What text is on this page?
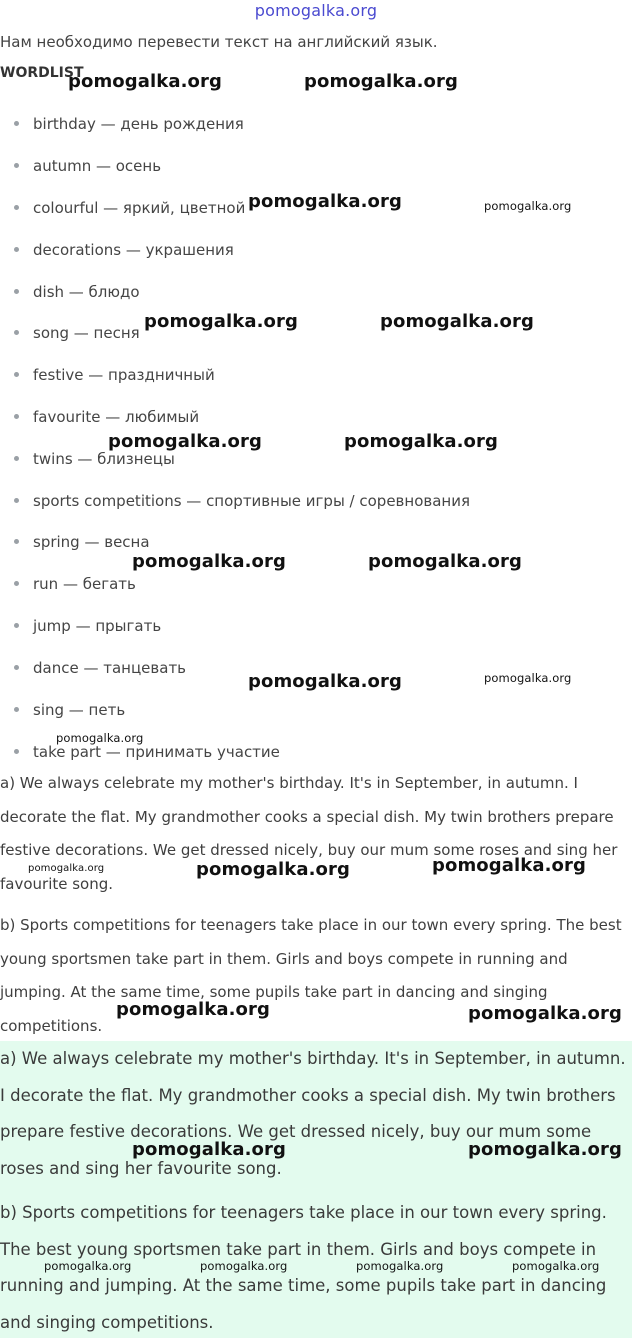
pomogalka.org
Нам необходимо перевести текст на английский язык.
WORDLIST
birthday — день рождения
autumn — осень
colourful — яркий, цветной
decorations — украшения
dish — блюдо
song — песня
festive — праздничный
favourite — любимый
twins — близнецы
sports competitions — спортивные игры / соревнования
spring — весна
run — бегать
jump — прыгать
dance — танцевать
sing — петь
take part — принимать участие

a) We always celebrate my mother's birthday. It's in September, in autumn. I decorate the flat. My grandmother cooks a special dish. My twin brothers prepare festive decorations. We get dressed nicely, buy our mum some roses and sing her favourite song.

b) Sports competitions for teenagers take place in our town every spring. The best young sportsmen take part in them. Girls and boys compete in running and jumping. At the same time, some pupils take part in dancing and singing competitions.

a) We always celebrate my mother's birthday. It's in September, in autumn. I decorate the flat. My grandmother cooks a special dish. My twin brothers prepare festive decorations. We get dressed nicely, buy our mum some roses and sing her favourite song.

b) Sports competitions for teenagers take place in our town every spring. The best young sportsmen take part in them. Girls and boys compete in running and jumping. At the same time, some pupils take part in dancing and singing competitions.

pomogalka.org	pomogalka.org
pomogalka.org	pomogalka.org
pomogalka.org	pomogalka.org
pomogalka.org	pomogalka.org
pomogalka.org	pomogalka.org
pomogalka.org	pomogalka.org
pomogalka.org
pomogalka.org	pomogalka.org	pomogalka.org
pomogalka.org	pomogalka.org
pomogalka.org	pomogalka.org
pomogalka.org	pomogalka.org	pomogalka.org	pomogalka.org
